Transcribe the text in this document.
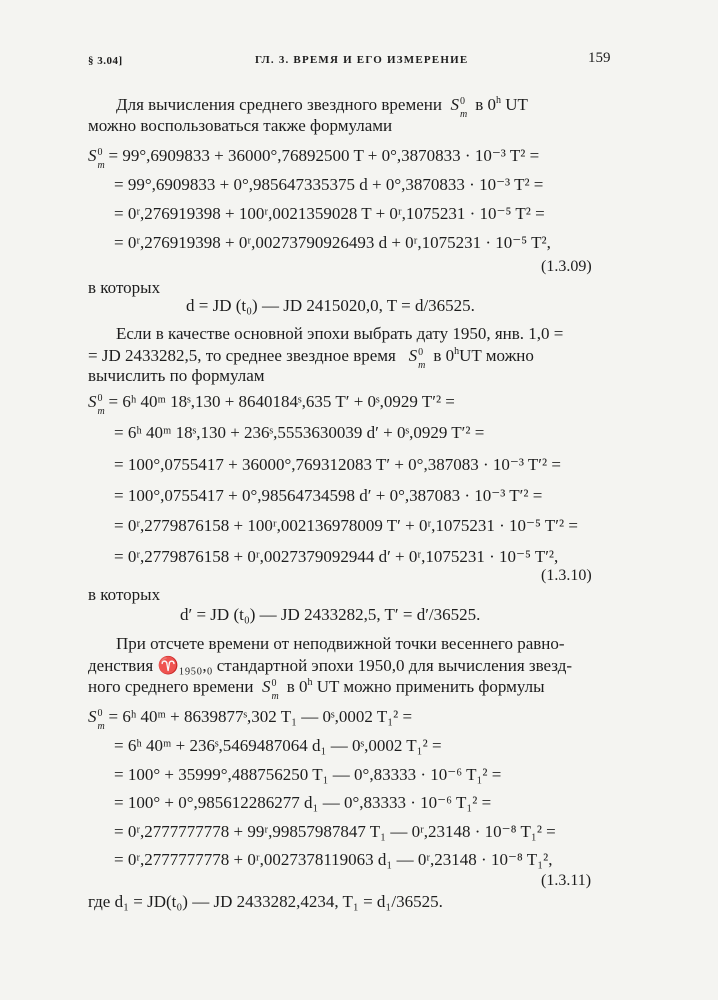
§ 3.04]	ГЛ. 3. ВРЕМЯ И ЕГО ИЗМЕРЕНИЕ	159
Для вычисления среднего звездного времени S 0
m
в 0$^h$ UT
можно воспользоваться также формулами
S 0
m
= 99°,6909833 + 36000°,76892500 T + 0°,3870833 · 10⁻³ T² =
= 99°,6909833 + 0°,985647335375 d + 0°,3870833 · 10⁻³ T² =
= 0ʳ,276919398 + 100ʳ,0021359028 T + 0ʳ,1075231 · 10⁻⁵ T² =
= 0ʳ,276919398 + 0ʳ,00273790926493 d + 0ʳ,1075231 · 10⁻⁵ T²,
(1.3.09)
в которых
d = JD (t₀) — JD 2415020,0, T = d/36525.
Если в качестве основной эпохи выбрать дату 1950, янв. 1,0 =
= JD 2433282,5, то среднее звездное время S 0
m
в 0$^h$UT можно
вычислить по формулам
S 0
m
= 6ʰ 40ᵐ 18ˢ,130 + 8640184ˢ,635 T′ + 0ˢ,0929 T′² =
= 6ʰ 40ᵐ 18ˢ,130 + 236ˢ,5553630039 d′ + 0ˢ,0929 T′² =
= 100°,0755417 + 36000°,769312083 T′ + 0°,387083 · 10⁻³ T′² =
= 100°,0755417 + 0°,98564734598 d′ + 0°,387083 · 10⁻³ T′² =
= 0ʳ,2779876158 + 100ʳ,002136978009 T′ + 0ʳ,1075231 · 10⁻⁵ T′² =
= 0ʳ,2779876158 + 0ʳ,0027379092944 d′ + 0ʳ,1075231 · 10⁻⁵ T′²,
(1.3.10)
в которых
d′ = JD (t₀) — JD 2433282,5, T′ = d′/36525.
При отсчете времени от неподвижной точки весеннего равно-
денствия ♈₁₉₅₀,₀ стандартной эпохи 1950,0 для вычисления звезд-
ного среднего времени S 0
m
в 0$^h$ UT можно применить формулы
S 0
m
= 6ʰ 40ᵐ + 8639877ˢ,302 T₁ — 0ˢ,0002 T₁² =
= 6ʰ 40ᵐ + 236ˢ,5469487064 d₁ — 0ˢ,0002 T₁² =
= 100° + 35999°,488756250 T₁ — 0°,83333 · 10⁻⁶ T₁² =
= 100° + 0°,985612286277 d₁ — 0°,83333 · 10⁻⁶ T₁² =
= 0ʳ,2777777778 + 99ʳ,99857987847 T₁ — 0ʳ,23148 · 10⁻⁸ T₁² =
= 0ʳ,2777777778 + 0ʳ,0027378119063 d₁ — 0ʳ,23148 · 10⁻⁸ T₁²,
(1.3.11)
где d₁ = JD(t₀) — JD 2433282,4234, T₁ = d₁/36525.
